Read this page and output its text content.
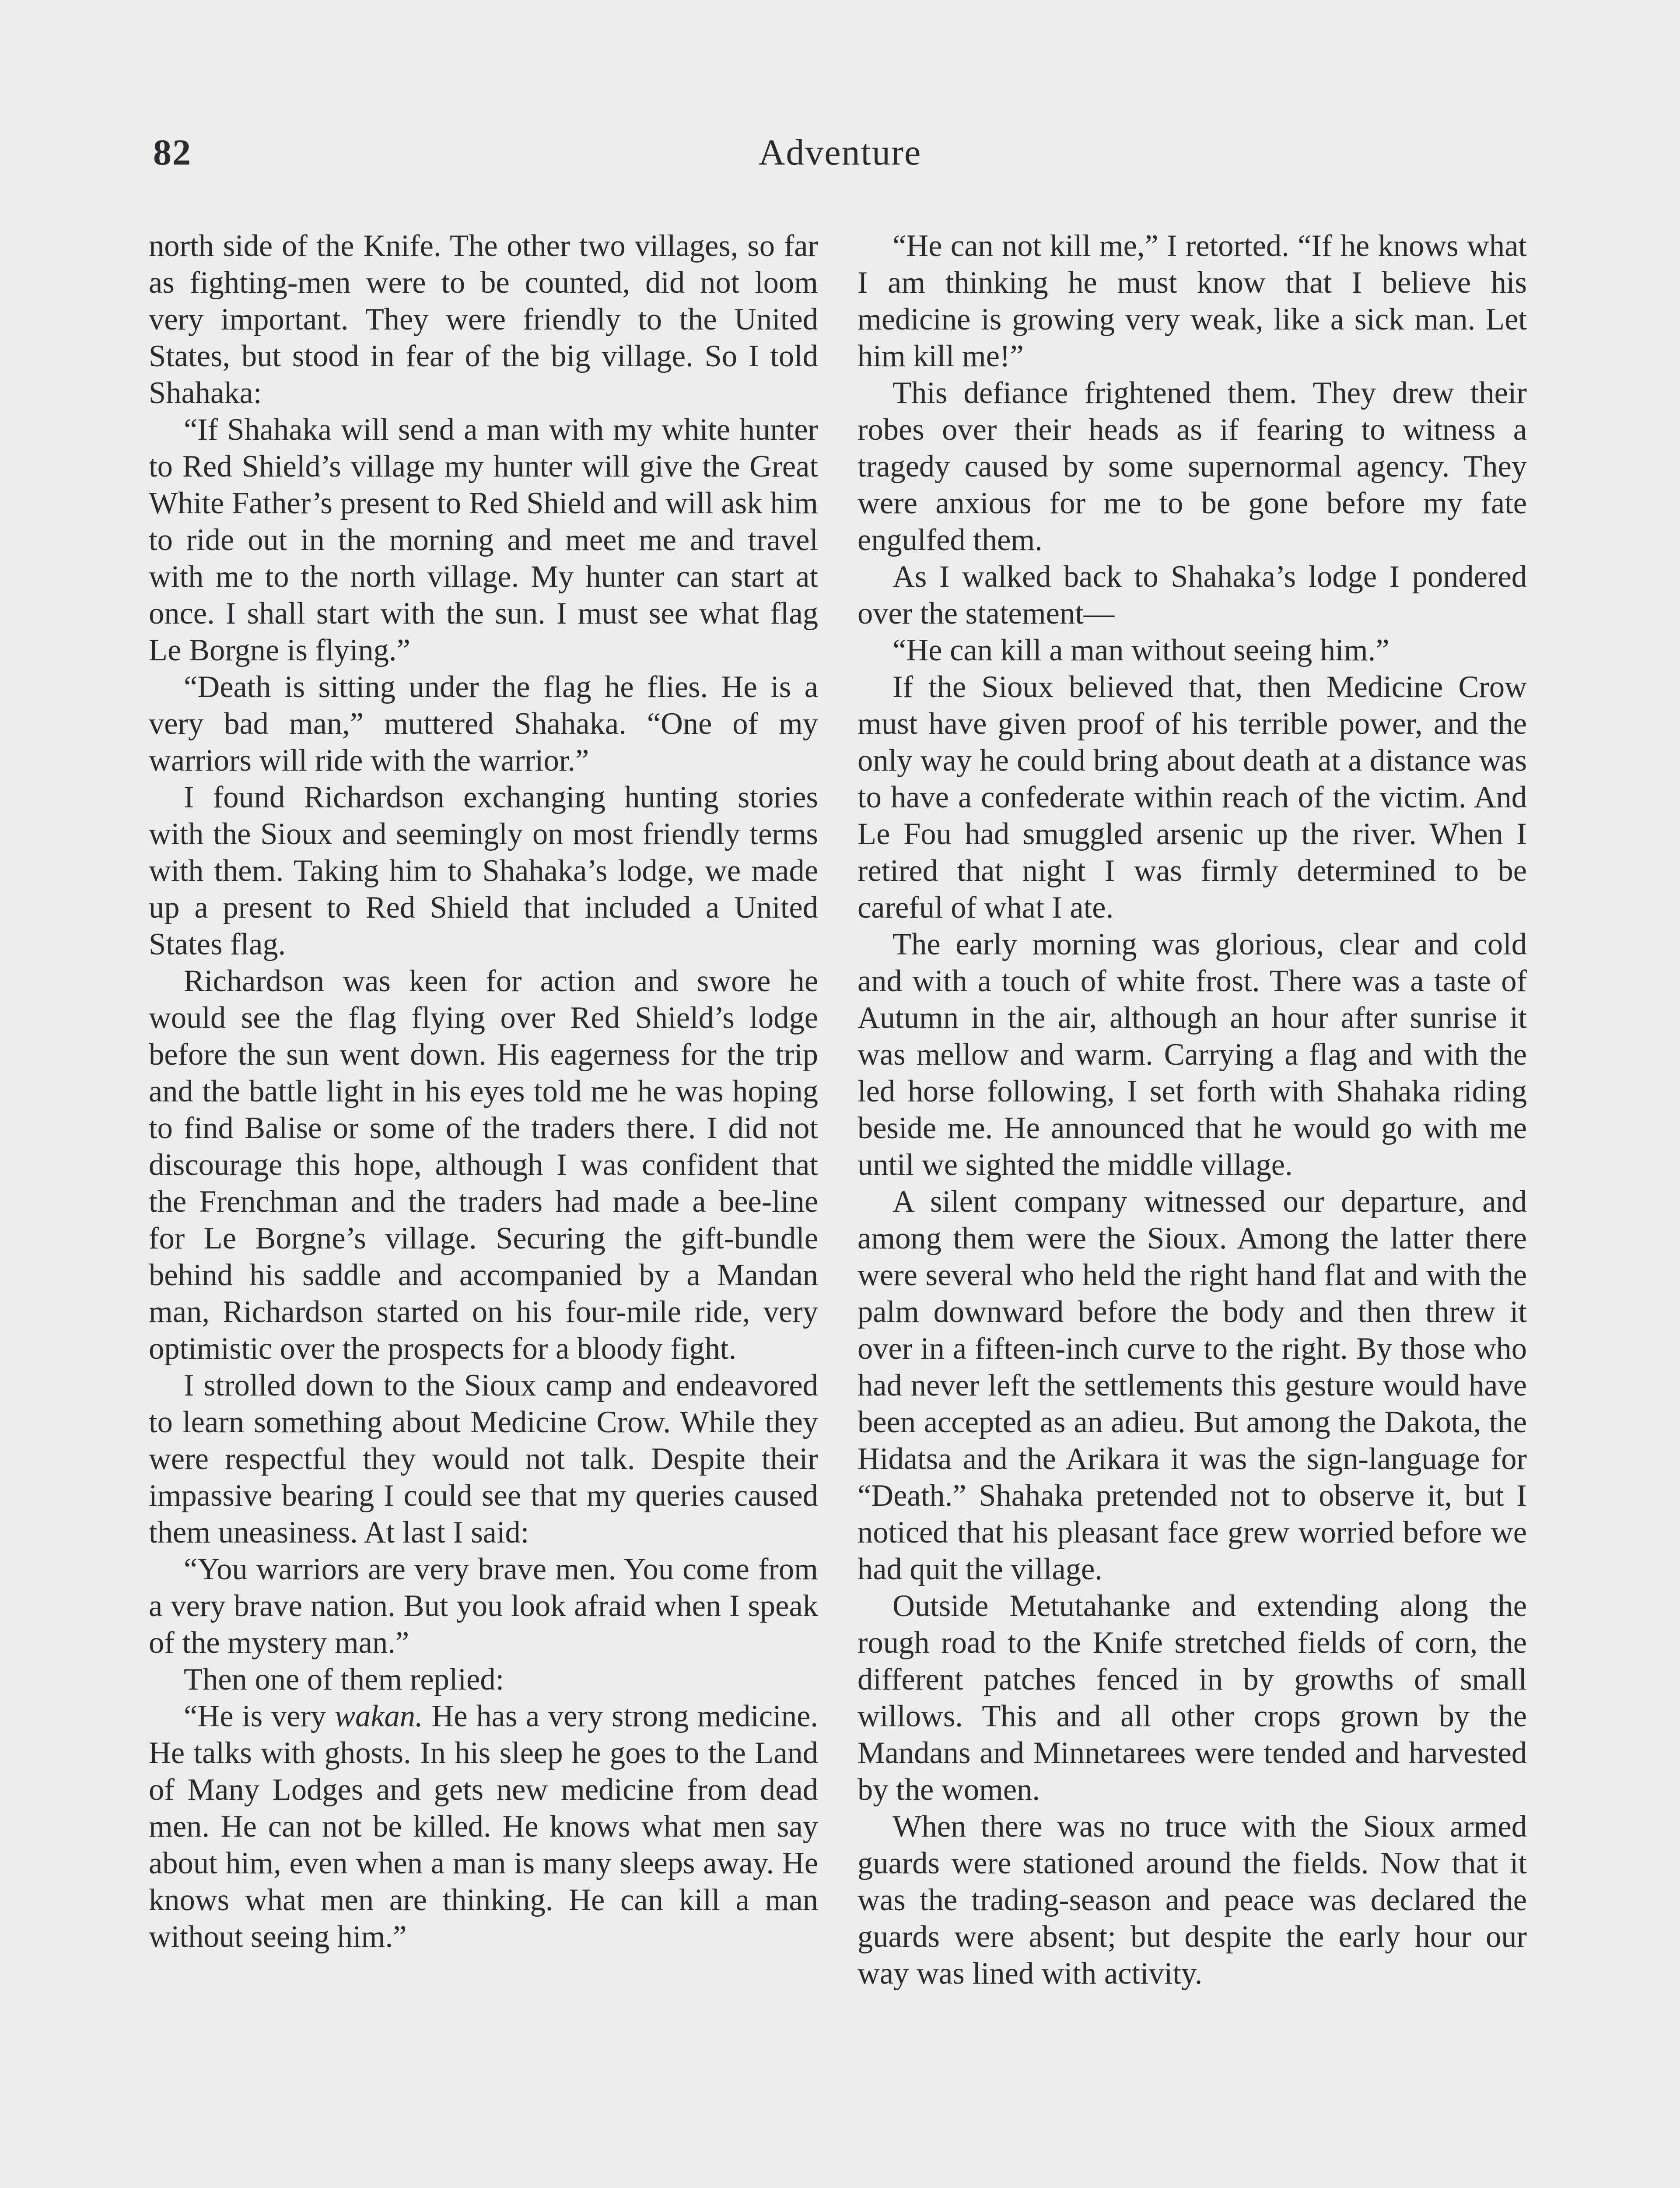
82	Adventure

north side of the Knife. The other two villages, so far as fighting-men were to be counted, did not loom very important. They were friendly to the United States, but stood in fear of the big village. So I told Shahaka:

“If Shahaka will send a man with my white hunter to Red Shield’s village my hunter will give the Great White Father’s present to Red Shield and will ask him to ride out in the morning and meet me and travel with me to the north village. My hunter can start at once. I shall start with the sun. I must see what flag Le Borgne is flying.”

“Death is sitting under the flag he flies. He is a very bad man,” muttered Shahaka. “One of my warriors will ride with the warrior.”

I found Richardson exchanging hunting stories with the Sioux and seemingly on most friendly terms with them. Taking him to Shahaka’s lodge, we made up a present to Red Shield that included a United States flag.

Richardson was keen for action and swore he would see the flag flying over Red Shield’s lodge before the sun went down. His eagerness for the trip and the battle light in his eyes told me he was hoping to find Balise or some of the traders there. I did not discourage this hope, although I was confident that the Frenchman and the traders had made a bee-line for Le Borgne’s village. Securing the gift-bundle behind his saddle and accompanied by a Mandan man, Richardson started on his four-mile ride, very optimistic over the prospects for a bloody fight.

I strolled down to the Sioux camp and endeavored to learn something about Medicine Crow. While they were respectful they would not talk. Despite their impassive bearing I could see that my queries caused them uneasiness. At last I said:

“You warriors are very brave men. You come from a very brave nation. But you look afraid when I speak of the mystery man.”

Then one of them replied:

“He is very wakan. He has a very strong medicine. He talks with ghosts. In his sleep he goes to the Land of Many Lodges and gets new medicine from dead men. He can not be killed. He knows what men say about him, even when a man is many sleeps away. He knows what men are thinking. He can kill a man without seeing him.”

“He can not kill me,” I retorted. “If he knows what I am thinking he must know that I believe his medicine is growing very weak, like a sick man. Let him kill me!”

This defiance frightened them. They drew their robes over their heads as if fearing to witness a tragedy caused by some supernormal agency. They were anxious for me to be gone before my fate engulfed them.

As I walked back to Shahaka’s lodge I pondered over the statement—

“He can kill a man without seeing him.”

If the Sioux believed that, then Medicine Crow must have given proof of his terrible power, and the only way he could bring about death at a distance was to have a confederate within reach of the victim. And Le Fou had smuggled arsenic up the river. When I retired that night I was firmly determined to be careful of what I ate.

The early morning was glorious, clear and cold and with a touch of white frost. There was a taste of Autumn in the air, although an hour after sunrise it was mellow and warm. Carrying a flag and with the led horse following, I set forth with Shahaka riding beside me. He announced that he would go with me until we sighted the middle village.

A silent company witnessed our departure, and among them were the Sioux. Among the latter there were several who held the right hand flat and with the palm downward before the body and then threw it over in a fifteen-inch curve to the right. By those who had never left the settlements this gesture would have been accepted as an adieu. But among the Dakota, the Hidatsa and the Arikara it was the sign-language for “Death.” Shahaka pretended not to observe it, but I noticed that his pleasant face grew worried before we had quit the village.

Outside Metutahanke and extending along the rough road to the Knife stretched fields of corn, the different patches fenced in by growths of small willows. This and all other crops grown by the Mandans and Minnetarees were tended and harvested by the women.

When there was no truce with the Sioux armed guards were stationed around the fields. Now that it was the trading-season and peace was declared the guards were absent; but despite the early hour our way was lined with activity.
